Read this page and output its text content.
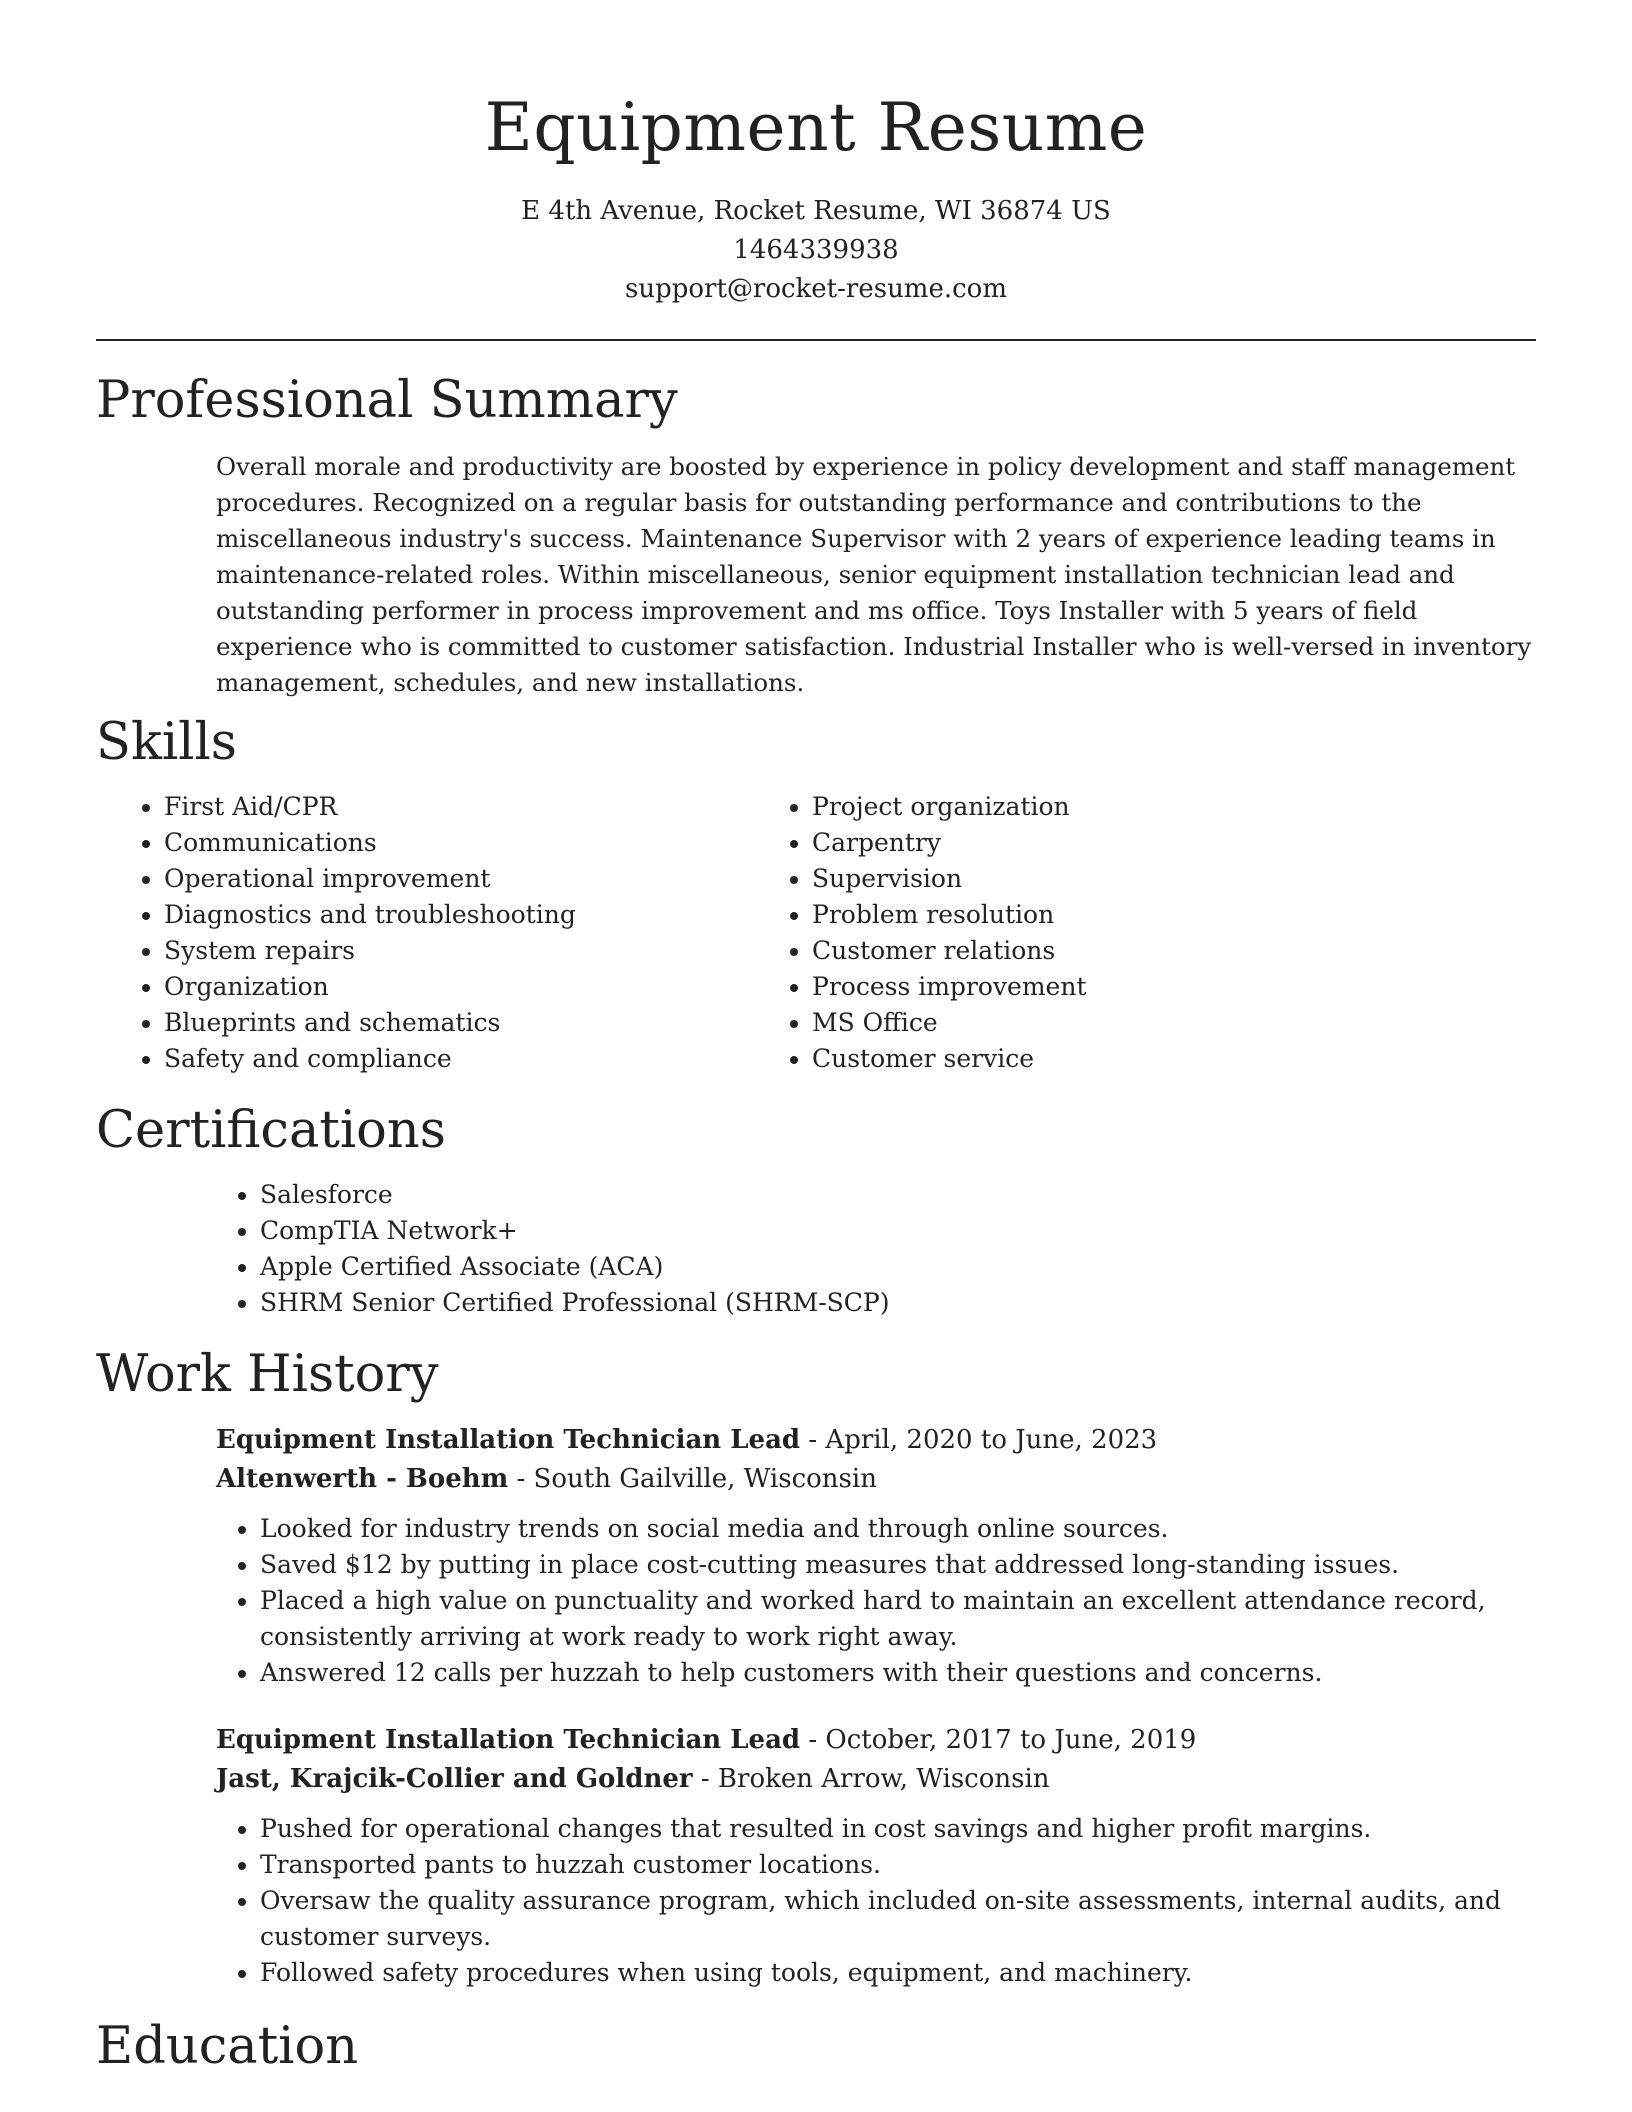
Equipment Resume
E 4th Avenue, Rocket Resume, WI 36874 US
1464339938
support@rocket-resume.com
Professional Summary

Overall morale and productivity are boosted by experience in policy development and staff management procedures. Recognized on a regular basis for outstanding performance and contributions to the miscellaneous industry's success. Maintenance Supervisor with 2 years of experience leading teams in maintenance-related roles. Within miscellaneous, senior equipment installation technician lead and outstanding performer in process improvement and ms office. Toys Installer with 5 years of field experience who is committed to customer satisfaction. Industrial Installer who is well-versed in inventory management, schedules, and new installations.

Skills
• First Aid/CPR
• Communications
• Operational improvement
• Diagnostics and troubleshooting
• System repairs
• Organization
• Blueprints and schematics
• Safety and compliance
• Project organization
• Carpentry
• Supervision
• Problem resolution
• Customer relations
• Process improvement
• MS Office
• Customer service
Certifications
• Salesforce
• CompTIA Network+
• Apple Certified Associate (ACA)
• SHRM Senior Certified Professional (SHRM-SCP)
Work History
Equipment Installation Technician Lead - April, 2020 to June, 2023
Altenwerth - Boehm - South Gailville, Wisconsin
• Looked for industry trends on social media and through online sources.
• Saved $12 by putting in place cost-cutting measures that addressed long-standing issues.
• Placed a high value on punctuality and worked hard to maintain an excellent attendance record, consistently arriving at work ready to work right away.
• Answered 12 calls per huzzah to help customers with their questions and concerns.
Equipment Installation Technician Lead - October, 2017 to June, 2019
Jast, Krajcik-Collier and Goldner - Broken Arrow, Wisconsin
• Pushed for operational changes that resulted in cost savings and higher profit margins.
• Transported pants to huzzah customer locations.
• Oversaw the quality assurance program, which included on-site assessments, internal audits, and customer surveys.
• Followed safety procedures when using tools, equipment, and machinery.
Education
